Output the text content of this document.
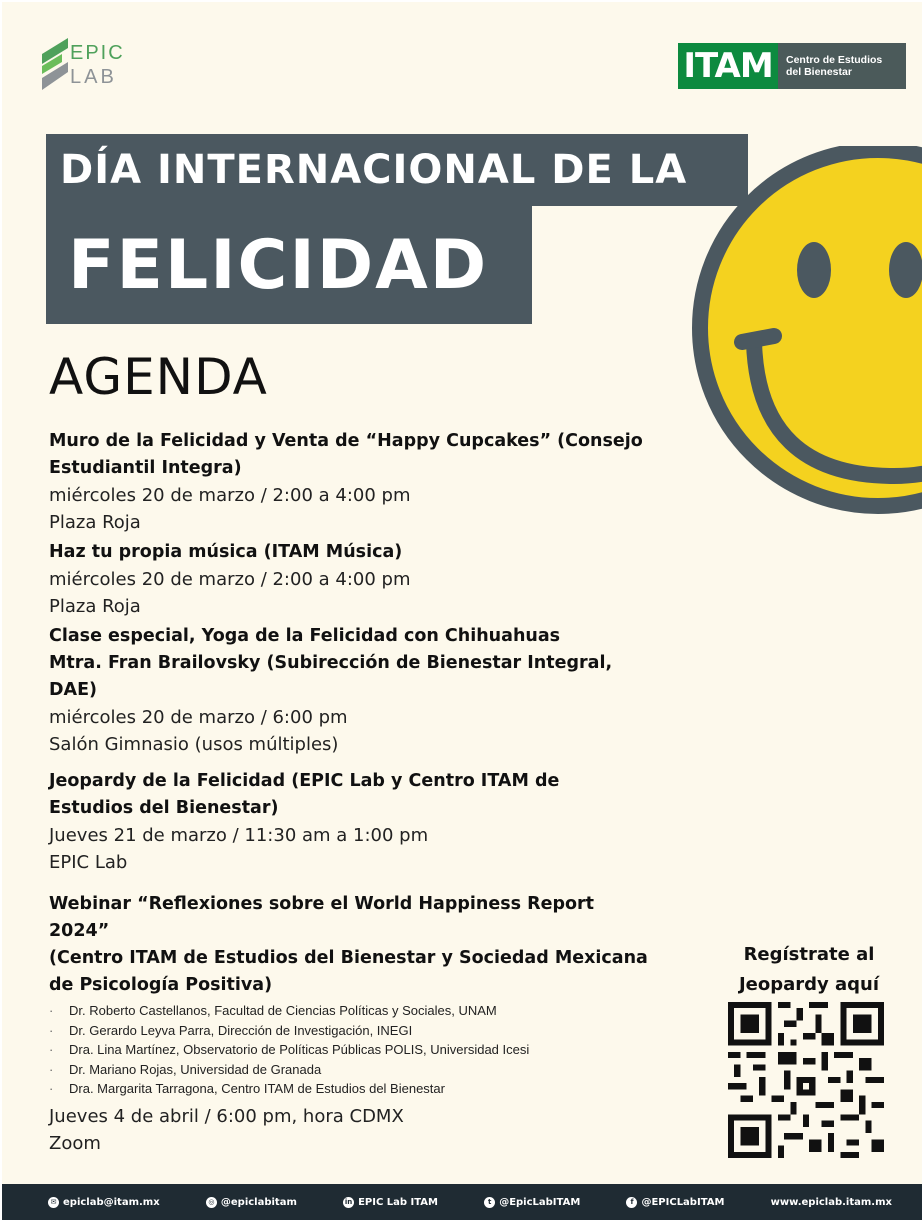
EPIC
LAB	ITAM	Centro de Estudios
del Bienestar
DÍA INTERNACIONAL DE LA
FELICIDAD
AGENDA
Muro de la Felicidad y Venta de “Happy Cupcakes” (Consejo
Estudiantil Integra)
miércoles 20 de marzo / 2:00 a 4:00 pm
Plaza Roja
Haz tu propia música (ITAM Música)
miércoles 20 de marzo / 2:00 a 4:00 pm
Plaza Roja
Clase especial, Yoga de la Felicidad con Chihuahuas
Mtra. Fran Brailovsky (Subirección de Bienestar Integral,
DAE)
miércoles 20 de marzo / 6:00 pm
Salón Gimnasio (usos múltiples)
Jeopardy de la Felicidad (EPIC Lab y Centro ITAM de
Estudios del Bienestar)
Jueves 21 de marzo / 11:30 am a 1:00 pm
EPIC Lab
Webinar “Reflexiones sobre el World Happiness Report
2024”
(Centro ITAM de Estudios del Bienestar y Sociedad Mexicana
de Psicología Positiva)
· Dr. Roberto Castellanos, Facultad de Ciencias Políticas y Sociales, UNAM
· Dr. Gerardo Leyva Parra, Dirección de Investigación, INEGI
· Dra. Lina Martínez, Observatorio de Políticas Públicas POLIS, Universidad Icesi
· Dr. Mariano Rojas, Universidad de Granada
· Dra. Margarita Tarragona, Centro ITAM de Estudios del Bienestar
Jueves 4 de abril / 6:00 pm, hora CDMX
Zoom
Regístrate al
Jeopardy aquí
✉ epiclab@itam.mx	◎ @epiclabitam	in EPIC Lab ITAM	t @EpicLabITAM	f @EPICLabITAM	www.epiclab.itam.mx
